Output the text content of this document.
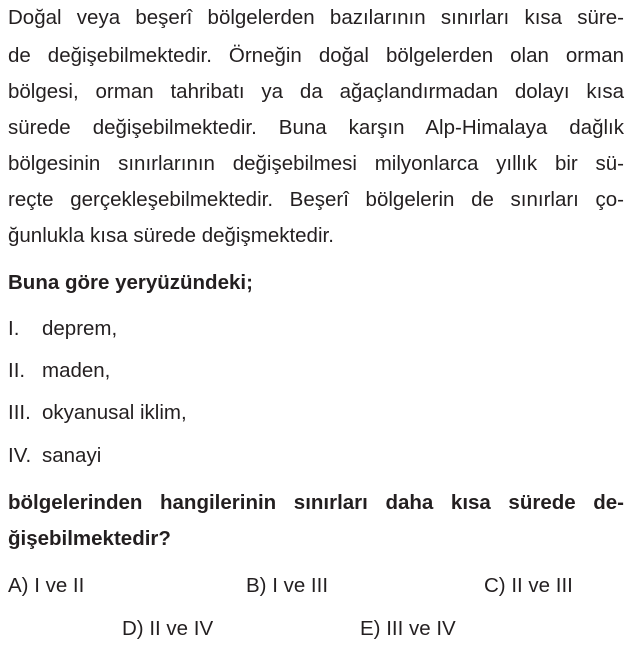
Doğal veya beşerî bölgelerden bazılarının sınırları kısa süre-
de değişebilmektedir. Örneğin doğal bölgelerden olan orman
bölgesi, orman tahribatı ya da ağaçlandırmadan dolayı kısa
sürede değişebilmektedir. Buna karşın Alp-Himalaya dağlık
bölgesinin sınırlarının değişebilmesi milyonlarca yıllık bir sü-
reçte gerçekleşebilmektedir. Beşerî bölgelerin de sınırları ço-
ğunlukla kısa sürede değişmektedir.
Buna göre yeryüzündeki;
I. deprem,
II. maden,
III. okyanusal iklim,
IV. sanayi
bölgelerinden hangilerinin sınırları daha kısa sürede de-
ğişebilmektedir?
A) I ve II	B) I ve III	C) II ve III
D) II ve IV	E) III ve IV
